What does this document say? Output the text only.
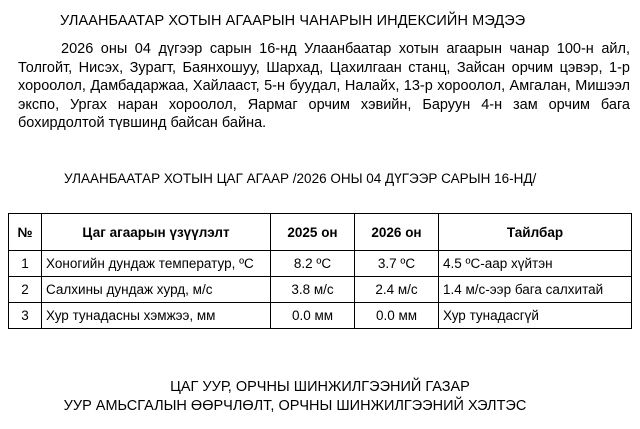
УЛААНБААТАР ХОТЫН АГААРЫН ЧАНАРЫН ИНДЕКСИЙН МЭДЭЭ
2026 оны 04 дүгээр сарын 16-нд Улаанбаатар хотын агаарын чанар 100-н айл, Толгойт, Нисэх, Зурагт, Баянхошуу, Шархад, Цахилгаан станц, Зайсан орчим цэвэр, 1-р хороолол, Дамбадаржаа, Хайлааст, 5-н буудал, Налайх, 13-р хороолол, Амгалан, Мишээл экспо, Ургах наран хороолол, Яармаг орчим хэвийн, Баруун 4-н зам орчим бага бохирдолтой түвшинд байсан байна.
УЛААНБААТАР ХОТЫН ЦАГ АГААР /2026 ОНЫ 04 ДҮГЭЭР САРЫН 16-НД/
№	Цаг агаарын үзүүлэлт	2025 он	2026 он	Тайлбар
1	Хоногийн дундаж температур, ºC	8.2 ºC	3.7 ºC	4.5 ºC-аар хүйтэн
2	Салхины дундаж хурд, м/с	3.8 м/с	2.4 м/с	1.4 м/с-ээр бага салхитай
3	Хур тунадасны хэмжээ, мм	0.0 мм	0.0 мм	Хур тунадасгүй
ЦАГ УУР, ОРЧНЫ ШИНЖИЛГЭЭНИЙ ГАЗАР
УУР АМЬСГАЛЫН ӨӨРЧЛӨЛТ, ОРЧНЫ ШИНЖИЛГЭЭНИЙ ХЭЛТЭС
